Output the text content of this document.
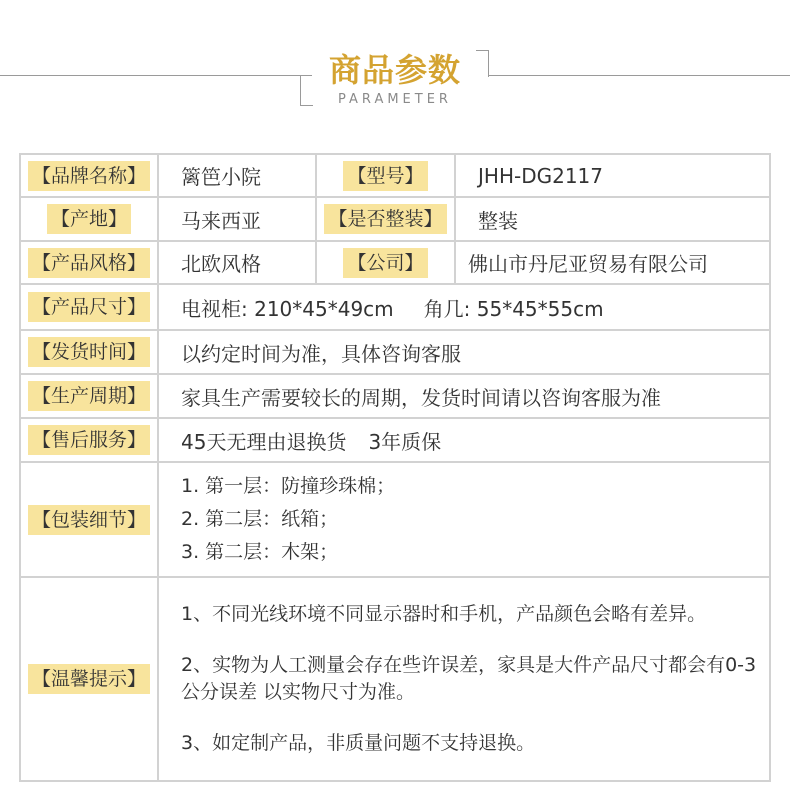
商品参数
PARAMETER
【品牌名称】	篱笆小院	【型号】	JHH-DG2117
【产地】	马来西亚	【是否整装】	整装
【产品风格】	北欧风格	【公司】	佛山市丹尼亚贸易有限公司
【产品尺寸】	电视柜: 210*45*49cm 角几: 55*45*55cm		
【发货时间】	以约定时间为准，具体咨询客服		
【生产周期】	家具生产需要较长的周期，发货时间请以咨询客服为准		
【售后服务】	45天无理由退换货 3年质保		
【包装细节】	1. 第一层：防撞珍珠棉；
2. 第二层：纸箱；
3. 第二层：木架；		

【温馨提示】	1、不同光线环境不同显示器时和手机，产品颜色会略有差异。

2、实物为人工测量会存在些许误差，家具是大件产品尺寸都会有0-3公分误差 以实物尺寸为准。

3、如定制产品，非质量问题不支持退换。		
